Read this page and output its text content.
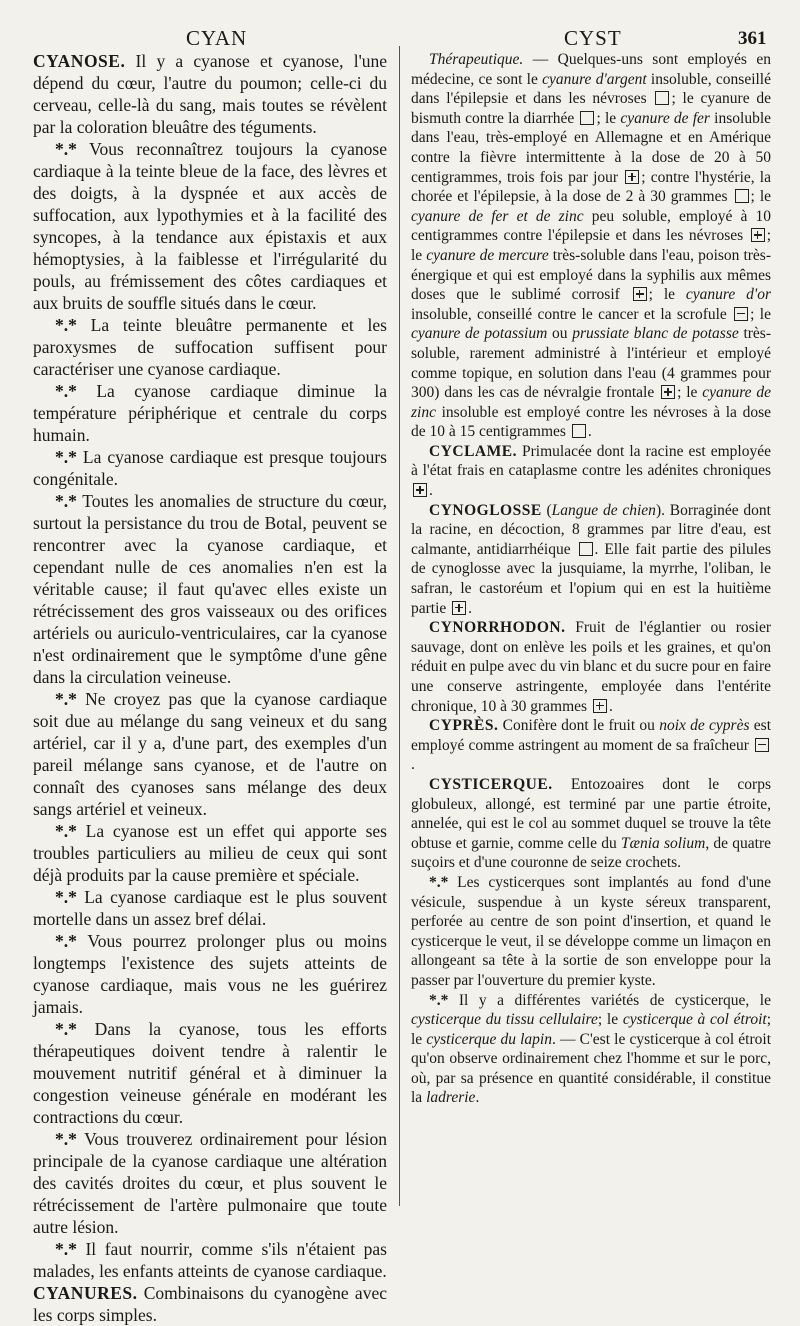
CYAN	CYST	361

CYANOSE. Il y a cyanose et cyanose, l'une dépend du cœur, l'autre du poumon; celle-ci du cerveau, celle-là du sang, mais toutes se révèlent par la coloration bleuâtre des téguments.

*.* Vous reconnaîtrez toujours la cyanose cardiaque à la teinte bleue de la face, des lèvres et des doigts, à la dyspnée et aux accès de suffocation, aux lypothymies et à la facilité des syncopes, à la tendance aux épistaxis et aux hémoptysies, à la faiblesse et l'irrégularité du pouls, au frémissement des côtes cardiaques et aux bruits de souffle situés dans le cœur.

*.* La teinte bleuâtre permanente et les paroxysmes de suffocation suffisent pour caractériser une cyanose cardiaque.

*.* La cyanose cardiaque diminue la température périphérique et centrale du corps humain.

*.* La cyanose cardiaque est presque toujours congénitale.

*.* Toutes les anomalies de structure du cœur, surtout la persistance du trou de Botal, peuvent se rencontrer avec la cyanose cardiaque, et cependant nulle de ces anomalies n'en est la véritable cause; il faut qu'avec elles existe un rétrécissement des gros vaisseaux ou des orifices artériels ou auriculo-ventriculaires, car la cyanose n'est ordinairement que le symptôme d'une gêne dans la circulation veineuse.

*.* Ne croyez pas que la cyanose cardiaque soit due au mélange du sang veineux et du sang artériel, car il y a, d'une part, des exemples d'un pareil mélange sans cyanose, et de l'autre on connaît des cyanoses sans mélange des deux sangs artériel et veineux.

*.* La cyanose est un effet qui apporte ses troubles particuliers au milieu de ceux qui sont déjà produits par la cause première et spéciale.

*.* La cyanose cardiaque est le plus souvent mortelle dans un assez bref délai.

*.* Vous pourrez prolonger plus ou moins longtemps l'existence des sujets atteints de cyanose cardiaque, mais vous ne les guérirez jamais.

*.* Dans la cyanose, tous les efforts thérapeutiques doivent tendre à ralentir le mouvement nutritif général et à diminuer la congestion veineuse générale en modérant les contractions du cœur.

*.* Vous trouverez ordinairement pour lésion principale de la cyanose cardiaque une altération des cavités droites du cœur, et plus souvent le rétrécissement de l'artère pulmonaire que toute autre lésion.

*.* Il faut nourrir, comme s'ils n'étaient pas malades, les enfants atteints de cyanose cardiaque.

CYANURES. Combinaisons du cyanogène avec les corps simples.

Thérapeutique. — Quelques-uns sont employés en médecine, ce sont le cyanure d'argent insoluble, conseillé dans l'épilepsie et dans les névroses ; le cyanure de bismuth contre la diarrhée ; le cyanure de fer insoluble dans l'eau, très-employé en Allemagne et en Amérique contre la fièvre intermittente à la dose de 20 à 50 centigrammes, trois fois par jour ; contre l'hystérie, la chorée et l'épilepsie, à la dose de 2 à 30 grammes ; le cyanure de fer et de zinc peu soluble, employé à 10 centigrammes contre l'épilepsie et dans les névroses ; le cyanure de mercure très-soluble dans l'eau, poison très-énergique et qui est employé dans la syphilis aux mêmes doses que le sublimé corrosif ; le cyanure d'or insoluble, conseillé contre le cancer et la scrofule ; le cyanure de potassium ou prussiate blanc de potasse très-soluble, rarement administré à l'intérieur et employé comme topique, en solution dans l'eau (4 grammes pour 300) dans les cas de névralgie frontale ; le cyanure de zinc insoluble est employé contre les névroses à la dose de 10 à 15 centigrammes .

CYCLAME. Primulacée dont la racine est employée à l'état frais en cataplasme contre les adénites chroniques .

CYNOGLOSSE (Langue de chien). Borraginée dont la racine, en décoction, 8 grammes par litre d'eau, est calmante, antidiarrhéique . Elle fait partie des pilules de cynoglosse avec la jusquiame, la myrrhe, l'oliban, le safran, le castoréum et l'opium qui en est la huitième partie .

CYNORRHODON. Fruit de l'églantier ou rosier sauvage, dont on enlève les poils et les graines, et qu'on réduit en pulpe avec du vin blanc et du sucre pour en faire une conserve astringente, employée dans l'entérite chronique, 10 à 30 grammes .

CYPRÈS. Conifère dont le fruit ou noix de cyprès est employé comme astringent au moment de sa fraîcheur .

CYSTICERQUE. Entozoaires dont le corps globuleux, allongé, est terminé par une partie étroite, annelée, qui est le col au sommet duquel se trouve la tête obtuse et garnie, comme celle du Tænia solium, de quatre suçoirs et d'une couronne de seize crochets.

*.* Les cysticerques sont implantés au fond d'une vésicule, suspendue à un kyste séreux transparent, perforée au centre de son point d'insertion, et quand le cysticerque le veut, il se développe comme un limaçon en allongeant sa tête à la sortie de son enveloppe pour la passer par l'ouverture du premier kyste.

*.* Il y a différentes variétés de cysticerque, le cysticerque du tissu cellulaire; le cysticerque à col étroit; le cysticerque du lapin. — C'est le cysticerque à col étroit qu'on observe ordinairement chez l'homme et sur le porc, où, par sa présence en quantité considérable, il constitue la ladrerie.
